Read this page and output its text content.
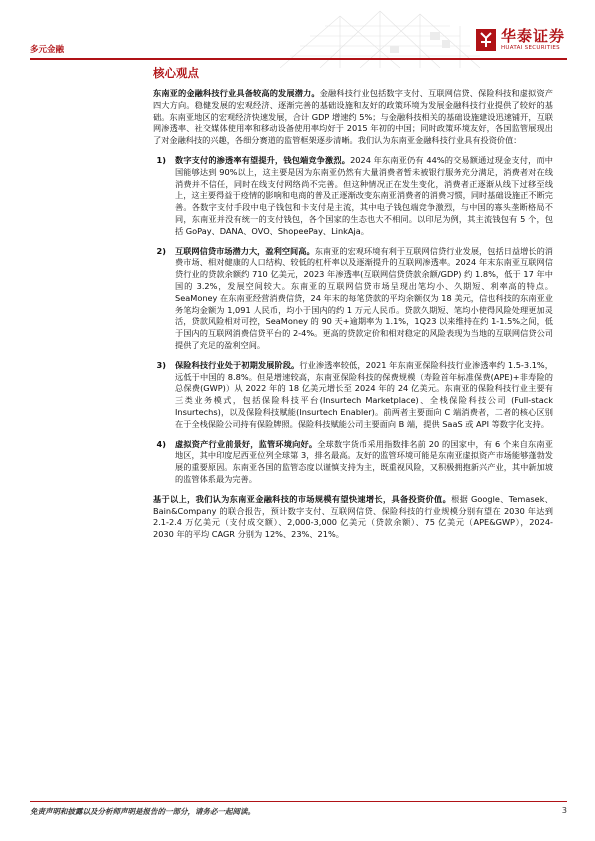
多元金融
华泰证券
HUATAI SECURITIES
核心观点

东南亚的金融科技行业具备较高的发展潜力。金融科技行业包括数字支付、互联网信贷、保险科技和虚拟资产四大方向。稳健发展的宏观经济、逐渐完善的基础设施和友好的政策环境为发展金融科技行业提供了较好的基础。东南亚地区的宏观经济快速发展，合计 GDP 增速约 5%；与金融科技相关的基础设施建设迅速铺开，互联网渗透率、社交媒体使用率和移动设备使用率均好于 2015 年初的中国；同时政策环境友好，各国监管展现出了对金融科技的兴趣，各细分赛道的监管框架逐步清晰。我们认为东南亚金融科技行业具有投资价值：

1)	数字支付的渗透率有望提升，钱包端竞争激烈。2024 年东南亚仍有 44%的交易额通过现金支付，而中国能够达到 90%以上，这主要是因为东南亚仍然有大量消费者暂未被银行服务充分满足，消费者对在线消费并不信任，同时在线支付网络尚不完善。但这种情况正在发生变化，消费者正逐渐从线下过移至线上，这主要得益于疫情的影响和电商的普及正逐渐改变东南亚消费者的消费习惯，同时基础设施正不断完善。各数字支付手段中电子钱包和卡支付是主流，其中电子钱包端竞争激烈，与中国的寡头垄断格局不同，东南亚并没有统一的支付钱包，各个国家的生态也大不相同。以印尼为例，其主流钱包有 5 个，包括 GoPay、DANA、OVO、ShopeePay、LinkAja。
2)	互联网信贷市场潜力大，盈利空间高。东南亚的宏观环境有利于互联网信贷行业发展，包括日益增长的消费市场、相对健康的人口结构、较低的杠杆率以及逐渐提升的互联网渗透率。2024 年末东南亚互联网信贷行业的贷款余额约 710 亿美元，2023 年渗透率(互联网信贷贷款余额/GDP) 约 1.8%，低于 17 年中国的 3.2%，发展空间较大。东南亚的互联网信贷市场呈现出笔均小、久期短、利率高的特点。SeaMoney 在东南亚经营消费信贷，24 年末的每笔贷款的平均余额仅为 18 美元，信也科技的东南亚业务笔均金额为 1,091 人民币，均小于国内的约 1 万元人民币。贷款久期短、笔均小使得风险处理更加灵活，贷款风险相对可控，SeaMoney 的 90 天+逾期率为 1.1%，1Q23 以来维持在约 1-1.5%之间，低于国内的互联网消费信贷平台的 2-4%。更高的贷款定价和相对稳定的风险表现为当地的互联网信贷公司提供了充足的盈利空间。
3)	保险科技行业处于初期发展阶段。行业渗透率较低，2021 年东南亚保险科技行业渗透率约 1.5-3.1%，远低于中国的 8.8%。但是增速较高，东南亚保险科技的保费规模（寿险首年标准保费(APE)+非寿险的总保费(GWP)）从 2022 年的 18 亿美元增长至 2024 年的 24 亿美元。东南亚的保险科技行业主要有三类业务模式，包括保险科技平台(Insurtech Marketplace)、全栈保险科技公司 (Full-stack Insurtechs)，以及保险科技赋能(Insurtech Enabler)。前两者主要面向 C 端消费者，二者的核心区别在于全栈保险公司持有保险牌照。保险科技赋能公司主要面向 B 端，提供 SaaS 或 API 等数字化支持。
4)	虚拟资产行业前景好，监管环境向好。全球数字货币采用指数排名前 20 的国家中，有 6 个来自东南亚地区，其中印度尼西亚位列全球第 3，排名最高。友好的监管环境可能是东南亚虚拟资产市场能够蓬勃发展的重要原因。东南亚各国的监管态度以谨慎支持为主，既重视风险，又积极拥抱新兴产业，其中新加坡的监管体系最为完善。

基于以上，我们认为东南亚金融科技的市场规模有望快速增长，具备投资价值。根据 Google、Temasek、Bain&Company 的联合报告，预计数字支付、互联网信贷、保险科技的行业规模分别有望在 2030 年达到 2.1-2.4 万亿美元（支付成交额）、2,000-3,000 亿美元（贷款余额）、75 亿美元（APE&GWP），2024-2030 年的平均 CAGR 分别为 12%、23%、21%。

免责声明和披露以及分析师声明是报告的一部分，请务必一起阅读。	3
